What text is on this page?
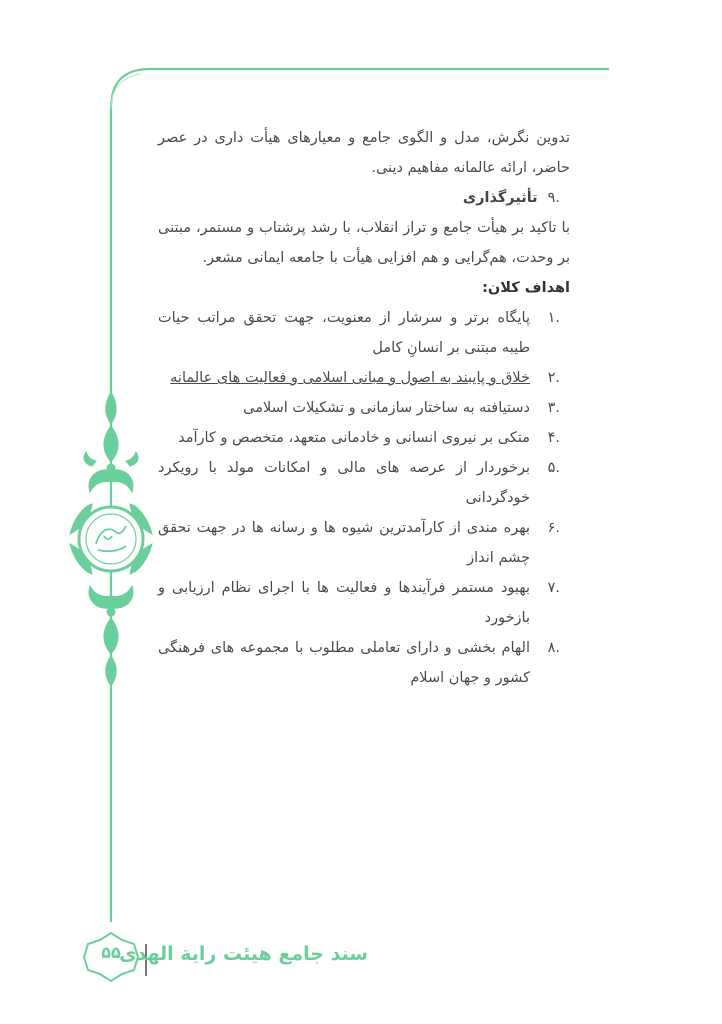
تدوین نگرش، مدل و الگوی جامع و معیارهای هیأت داری در عصر حاضر، ارائه عالمانه مفاهیم دینی.

.۹
تأثیرگذاری

با تاکید بر هیأت جامع و تراز انقلاب، با رشد پرشتاب و مستمر، مبتنی بر وحدت، هم‌گرایی و هم افزایی هیأت با جامعه ایمانی مشعر.

اهداف کلان:

.۱
پایگاه برتر و سرشار از معنویت، جهت تحقق مراتب حیات طیبه مبتنی بر انسانِ کامل
.۲
خلاق و پایبند به اصول و مبانی اسلامی و فعالیت های عالمانه
.۳
دستیافته به ساختار سازمانی و تشکیلات اسلامی
.۴
متکی بر نیروی انسانی و خادمانی متعهد، متخصص و کارآمد
.۵
برخوردار از عرصه های مالی و امکانات مولد با رویکرد خودگردانی
.۶
بهره مندی از کارآمدترین شیوه ها و رسانه ها در جهت تحقق چشم انداز
.۷
بهبود مستمر فرآیندها و فعالیت ها با اجرای نظام ارزیابی و بازخورد
.۸
الهام بخشی و دارای تعاملی مطلوب با مجموعه های فرهنگی کشور و جهان اسلام
سند جامع هیئت رایة الهدی
۵۵
